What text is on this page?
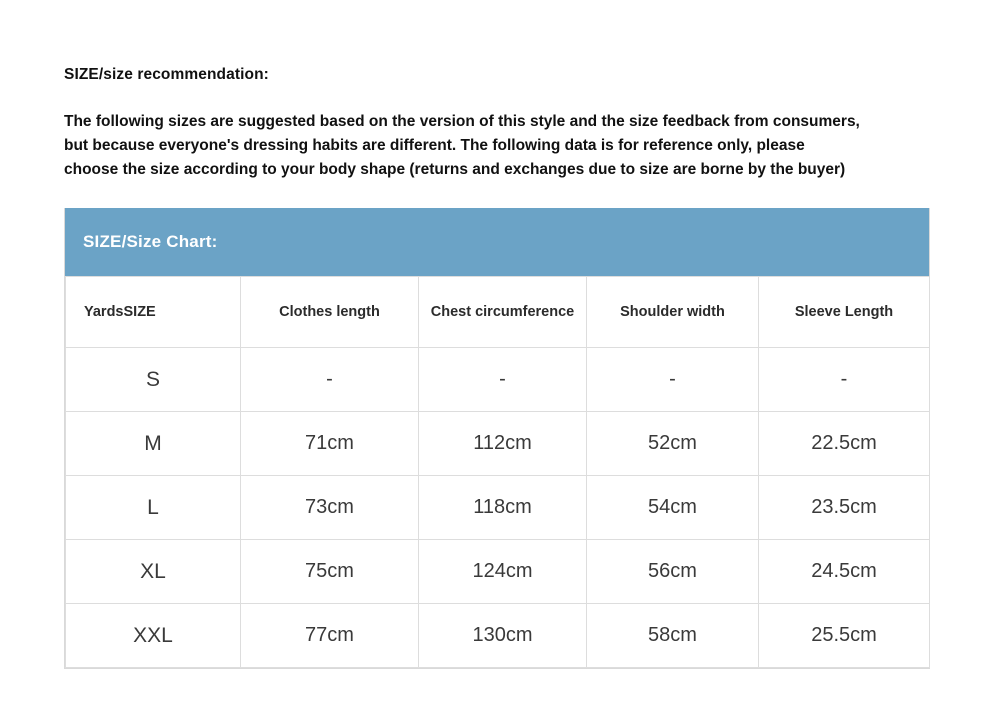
SIZE/size recommendation:
The following sizes are suggested based on the version of this style and the size feedback from consumers,
but because everyone's dressing habits are different. The following data is for reference only, please
choose the size according to your body shape (returns and exchanges due to size are borne by the buyer)
SIZE/Size Chart:
YardsSIZE	Clothes length	Chest circumference	Shoulder width	Sleeve Length
S	-	-	-	-
M	71cm	112cm	52cm	22.5cm
L	73cm	118cm	54cm	23.5cm
XL	75cm	124cm	56cm	24.5cm
XXL	77cm	130cm	58cm	25.5cm
